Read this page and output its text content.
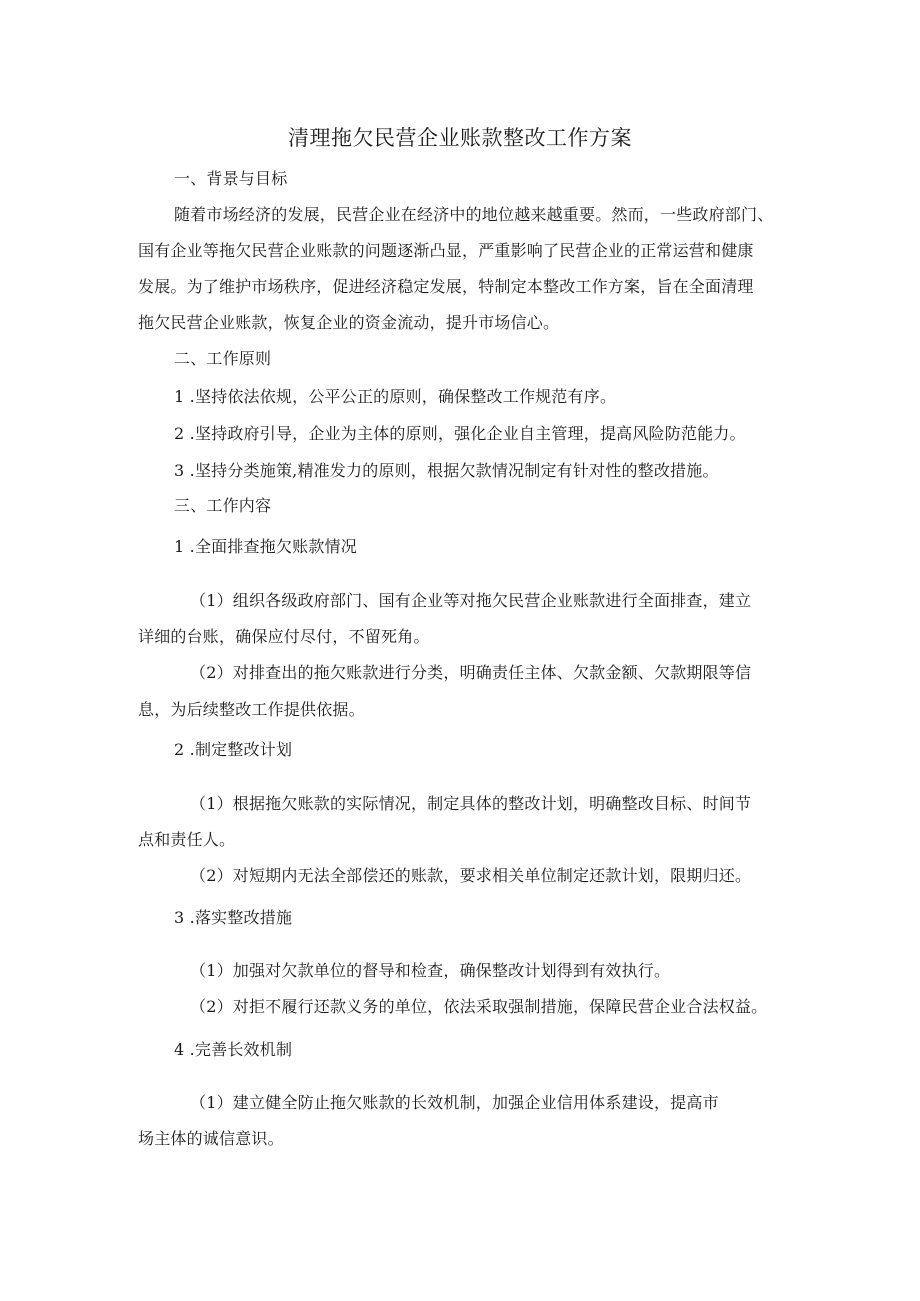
清理拖欠民营企业账款整改工作方案
一、背景与目标
随着市场经济的发展，民营企业在经济中的地位越来越重要。然而，一些政府部门、
国有企业等拖欠民营企业账款的问题逐渐凸显，严重影响了民营企业的正常运营和健康
发展。为了维护市场秩序，促进经济稳定发展，特制定本整改工作方案，旨在全面清理
拖欠民营企业账款，恢复企业的资金流动，提升市场信心。
二、工作原则
1 .坚持依法依规，公平公正的原则，确保整改工作规范有序。
2 .坚持政府引导，企业为主体的原则，强化企业自主管理，提高风险防范能力。
3 .坚持分类施策,精准发力的原则，根据欠款情况制定有针对性的整改措施。
三、工作内容
1 .全面排查拖欠账款情况
（1）组织各级政府部门、国有企业等对拖欠民营企业账款进行全面排查，建立
详细的台账，确保应付尽付，不留死角。
（2）对排查出的拖欠账款进行分类，明确责任主体、欠款金额、欠款期限等信
息，为后续整改工作提供依据。
2 .制定整改计划
（1）根据拖欠账款的实际情况，制定具体的整改计划，明确整改目标、时间节
点和责任人。
（2）对短期内无法全部偿还的账款，要求相关单位制定还款计划，限期归还。
3 .落实整改措施
（1）加强对欠款单位的督导和检查，确保整改计划得到有效执行。
（2）对拒不履行还款义务的单位，依法采取强制措施，保障民营企业合法权益。
4 .完善长效机制
（1）建立健全防止拖欠账款的长效机制，加强企业信用体系建设，提高市
场主体的诚信意识。
